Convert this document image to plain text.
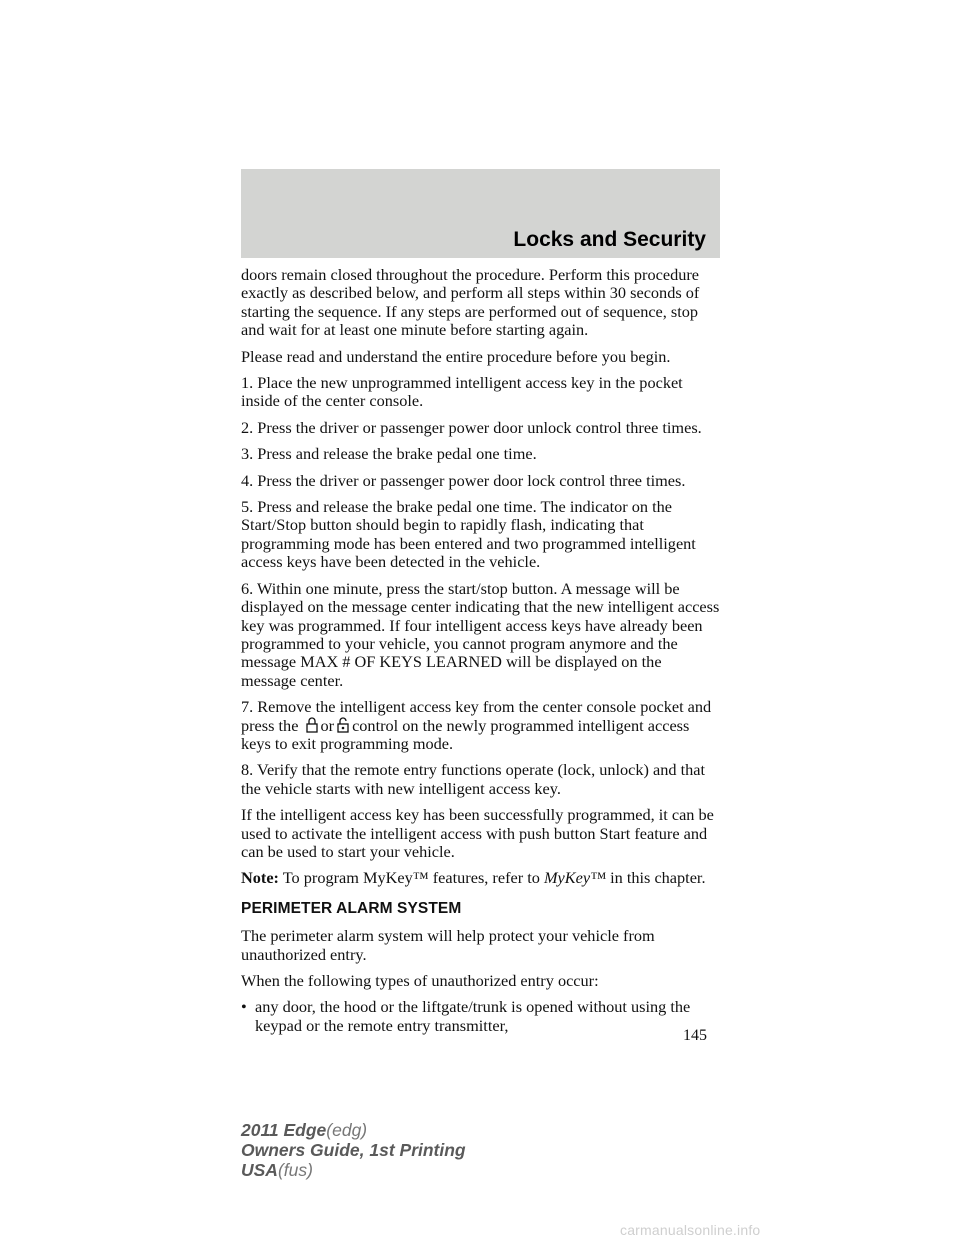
Locks and Security

doors remain closed throughout the procedure. Perform this procedure exactly as described below, and perform all steps within 30 seconds of starting the sequence. If any steps are performed out of sequence, stop and wait for at least one minute before starting again.

Please read and understand the entire procedure before you begin.

1. Place the new unprogrammed intelligent access key in the pocket inside of the center console.

2. Press the driver or passenger power door unlock control three times.

3. Press and release the brake pedal one time.

4. Press the driver or passenger power door lock control three times.

5. Press and release the brake pedal one time. The indicator on the Start/Stop button should begin to rapidly flash, indicating that programming mode has been entered and two programmed intelligent access keys have been detected in the vehicle.

6. Within one minute, press the start/stop button. A message will be displayed on the message center indicating that the new intelligent access key was programmed. If four intelligent access keys have already been programmed to your vehicle, you cannot program anymore and the message MAX # OF KEYS LEARNED will be displayed on the message center.

7. Remove the intelligent access key from the center console pocket and press the or control on the newly programmed intelligent access keys to exit programming mode.

8. Verify that the remote entry functions operate (lock, unlock) and that the vehicle starts with new intelligent access key.

If the intelligent access key has been successfully programmed, it can be used to activate the intelligent access with push button Start feature and can be used to start your vehicle.

Note: To program MyKey™ features, refer to MyKey™ in this chapter.

PERIMETER ALARM SYSTEM

The perimeter alarm system will help protect your vehicle from unauthorized entry.

When the following types of unauthorized entry occur:

• any door, the hood or the liftgate/trunk is opened without using the keypad or the remote entry transmitter,
145
2011 Edge(edg)
Owners Guide, 1st Printing
USA(fus)
carmanualsonline.info
